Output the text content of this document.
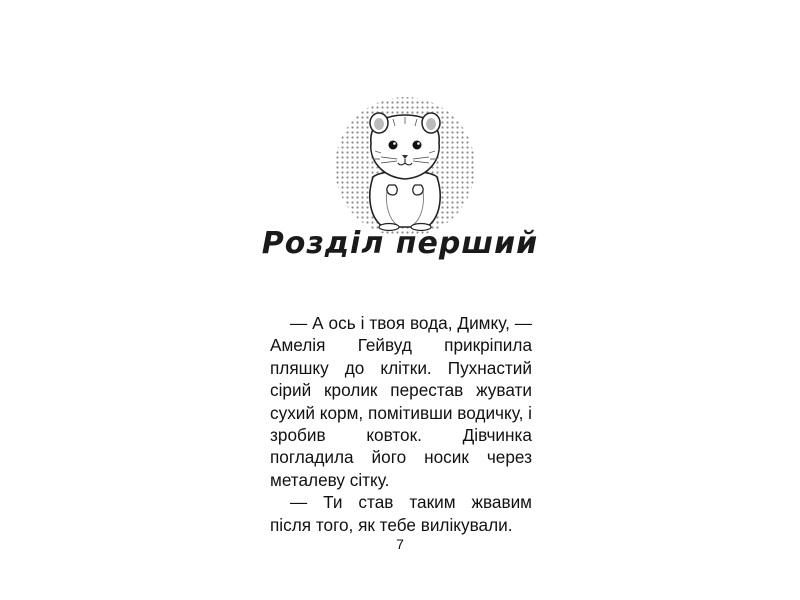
Розділ перший

— А ось і твоя вода, Димку, — Амелія Гейвуд прикріпила пляшку до клітки. Пухнастий сірий кролик перестав жувати сухий корм, помітивши водичку, і зробив ковток. Дівчинка погладила його носик через металеву сітку.

— Ти став таким жвавим після того, як тебе вилікували.

7
